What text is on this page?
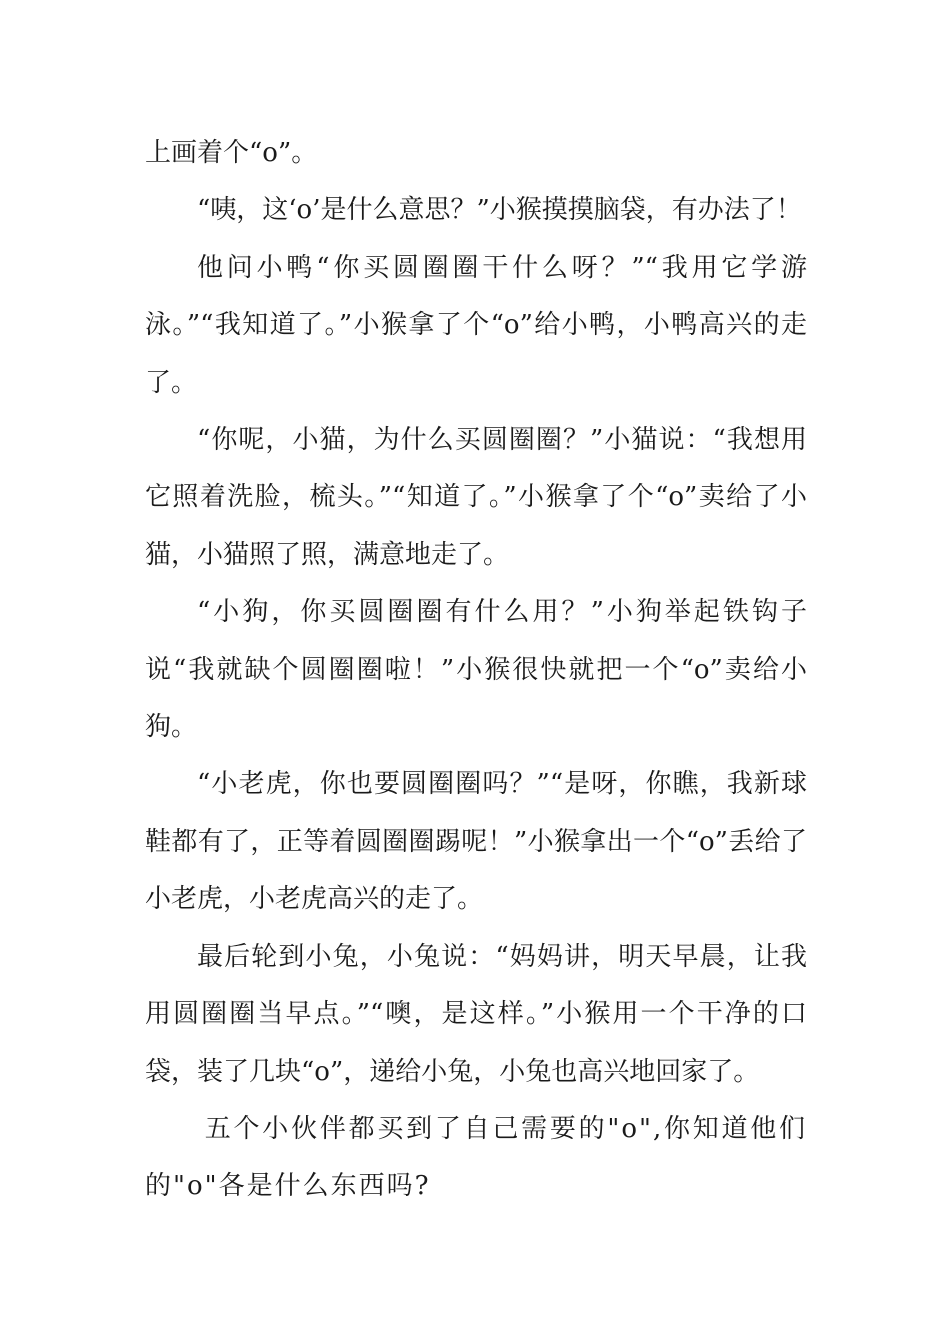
上画着个“o”。

“咦，这‘o’是什么意思？”小猴摸摸脑袋，有办法了！

他问小鸭“你买圆圈圈干什么呀？”“我用它学游泳。”“我知道了。”小猴拿了个“o”给小鸭，小鸭高兴的走了。

“你呢，小猫，为什么买圆圈圈？”小猫说：“我想用它照着洗脸，梳头。”“知道了。”小猴拿了个“o”卖给了小猫，小猫照了照，满意地走了。

“小狗，你买圆圈圈有什么用？”小狗举起铁钩子说“我就缺个圆圈圈啦！”小猴很快就把一个“o”卖给小狗。

“小老虎，你也要圆圈圈吗？”“是呀，你瞧，我新球鞋都有了，正等着圆圈圈踢呢！”小猴拿出一个“o”丢给了小老虎，小老虎高兴的走了。

最后轮到小兔，小兔说：“妈妈讲，明天早晨，让我用圆圈圈当早点。”“噢，是这样。”小猴用一个干净的口袋，装了几块“o”，递给小兔，小兔也高兴地回家了。

五个小伙伴都买到了自己需要的"o",你知道他们的"o"各是什么东西吗?
